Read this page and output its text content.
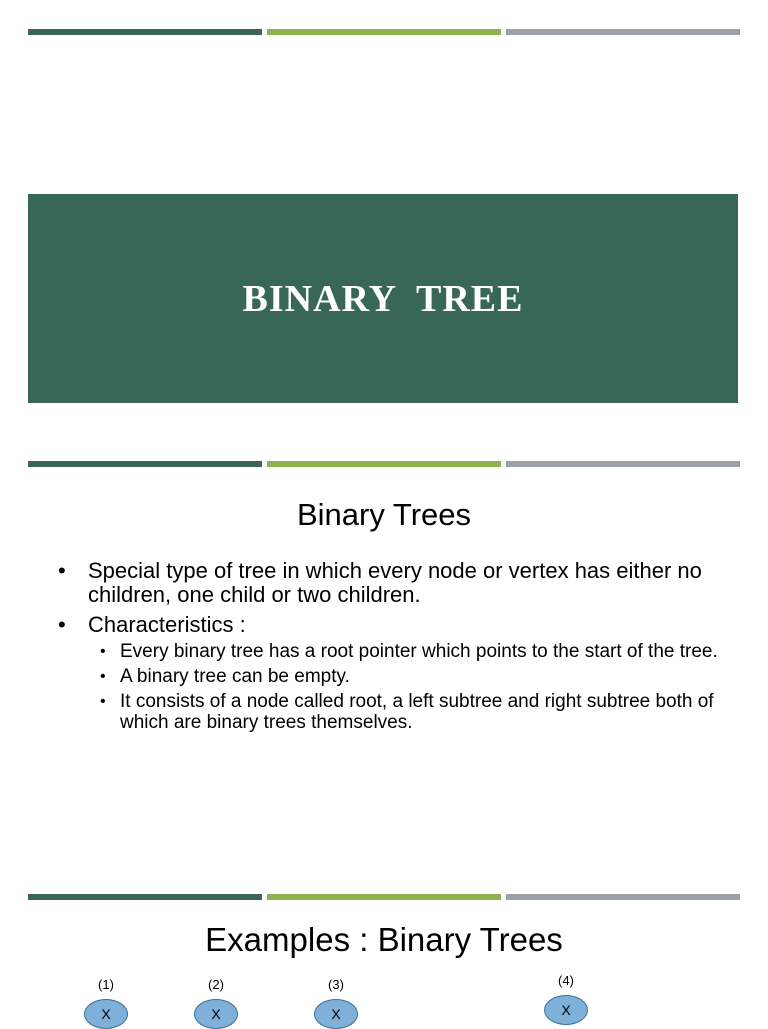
BINARY  TREE
Binary Trees
• Special type of tree in which every node or vertex has either no children, one child or two children.
• Characteristics :
• Every binary tree has a root pointer which points to the start of the tree.
• A binary tree can be empty.
• It consists of a node called root, a left subtree and right subtree both of which are binary trees themselves.
Examples : Binary Trees
(1)
X
(2)
X
(3)
X
(4)
X
